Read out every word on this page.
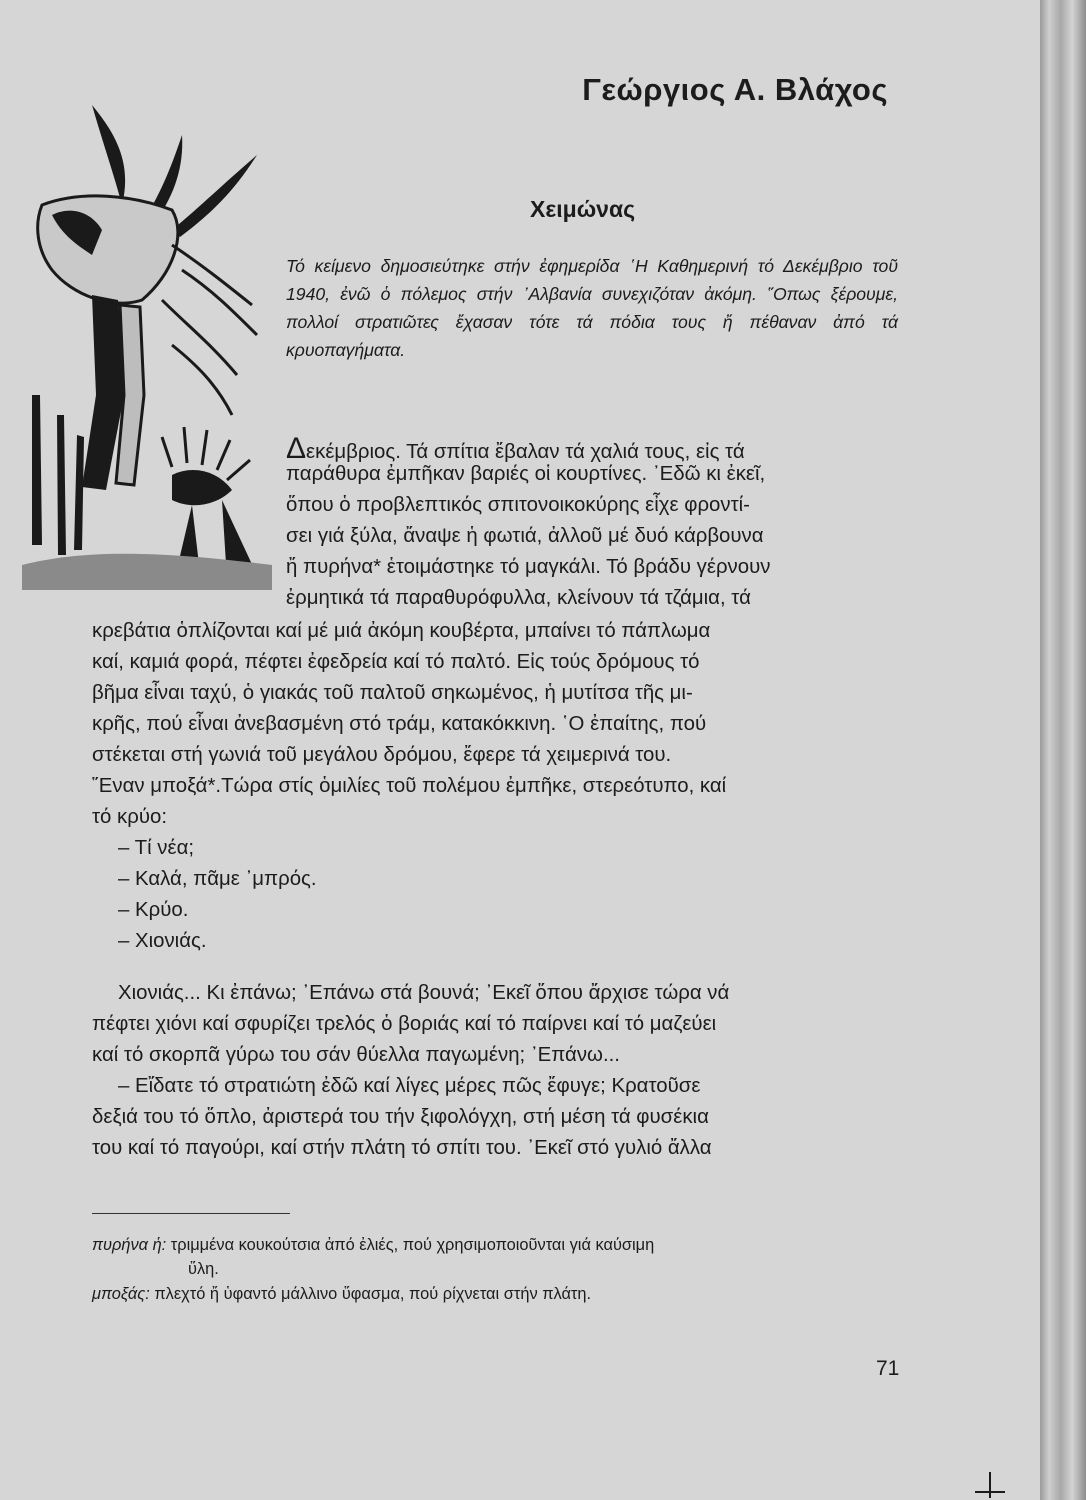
Γεώργιος Α. Βλάχος
Χειμώνας

Τό κείμενο δημοσιεύτηκε στήν ἐφημερίδα ῾Η Καθημερινή τό Δεκέμβριο τοῦ 1940, ἐνῶ ὁ πόλεμος στήν ᾿Αλβανία συνεχιζόταν ἀκόμη. ῞Οπως ξέρουμε, πολλοί στρατιῶτες ἔχασαν τότε τά πόδια τους ἤ πέθαναν ἀπό τά κρυοπαγήματα.

Δεκέμβριος. Τά σπίτια ἔβαλαν τά χαλιά τους, εἰς τά

παράθυρα ἐμπῆκαν βαριές οἱ κουρτίνες. ᾿Εδῶ κι ἐκεῖ,

ὅπου ὁ προβλεπτικός σπιτονοικοκύρης εἶχε φροντί-

σει γιά ξύλα, ἄναψε ἡ φωτιά, ἀλλοῦ μέ δυό κάρβουνα

ἤ πυρήνα* ἑτοιμάστηκε τό μαγκάλι. Τό βράδυ γέρνουν

ἐρμητικά τά παραθυρόφυλλα, κλείνουν τά τζάμια, τά

κρεβάτια ὁπλίζονται καί μέ μιά ἀκόμη κουβέρτα, μπαίνει τό πάπλωμα

καί, καμιά φορά, πέφτει ἐφεδρεία καί τό παλτό. Εἰς τούς δρόμους τό

βῆμα εἶναι ταχύ, ὁ γιακάς τοῦ παλτοῦ σηκωμένος, ἡ μυτίτσα τῆς μι-

κρῆς, πού εἶναι ἀνεβασμένη στό τράμ, κατακόκκινη. ῾Ο ἐπαίτης, πού

στέκεται στή γωνιά τοῦ μεγάλου δρόμου, ἔφερε τά χειμερινά του.

῞Εναν μποξά*.Τώρα στίς ὁμιλίες τοῦ πολέμου ἐμπῆκε, στερεότυπο, καί

τό κρύο:

– Τί νέα;

– Καλά, πᾶμε ᾿μπρός.

– Κρύο.

– Χιονιάς.

Χιονιάς... Κι ἐπάνω; ᾿Επάνω στά βουνά; ᾿Εκεῖ ὅπου ἄρχισε τώρα νά

πέφτει χιόνι καί σφυρίζει τρελός ὁ βοριάς καί τό παίρνει καί τό μαζεύει

καί τό σκορπᾶ γύρω του σάν θύελλα παγωμένη; ᾿Επάνω...

– Εἴδατε τό στρατιώτη ἐδῶ καί λίγες μέρες πῶς ἔφυγε; Κρατοῦσε

δεξιά του τό ὅπλο, ἀριστερά του τήν ξιφολόγχη, στή μέση τά φυσέκια

του καί τό παγούρι, καί στήν πλάτη τό σπίτι του. ᾿Εκεῖ στό γυλιό ἄλλα

πυρήνα ἡ: τριμμένα κουκούτσια ἀπό ἐλιές, πού χρησιμοποιοῦνται γιά καύσιμη

ὕλη.

μποξάς: πλεχτό ἤ ὑφαντό μάλλινο ὕφασμα, πού ρίχνεται στήν πλάτη.

71
